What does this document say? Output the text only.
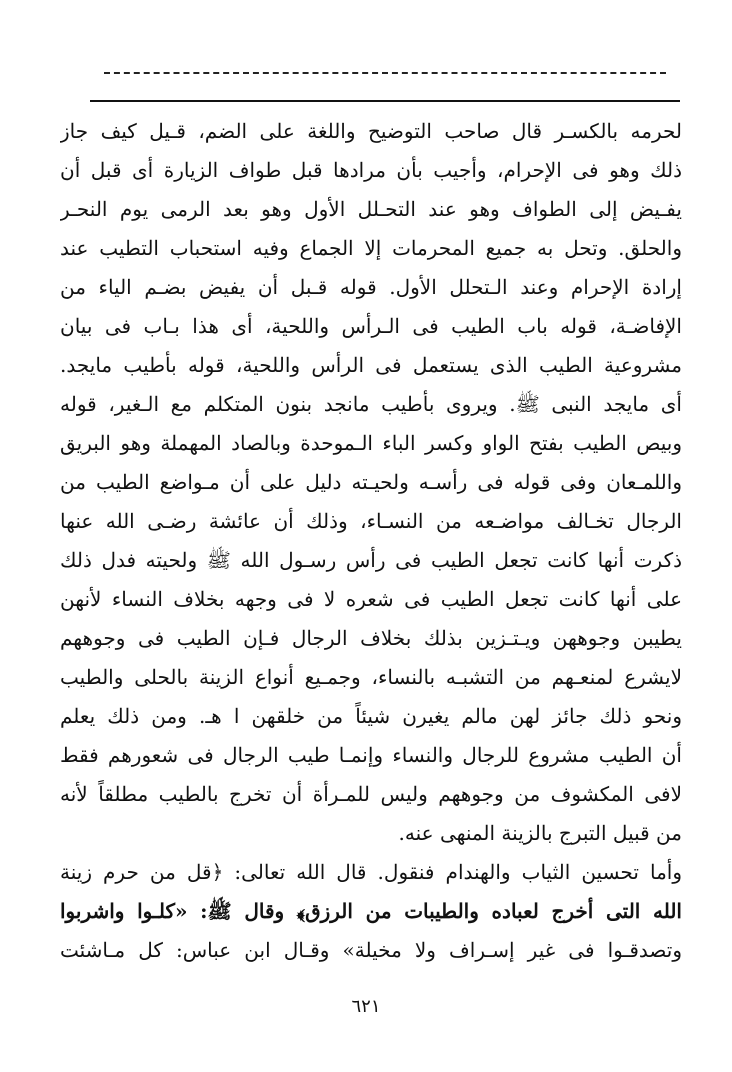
لحرمه بالكسـر قال صاحب التوضيح واللغة على الضم، قـيل كيف جاز
ذلك وهو فى الإحرام، وأجيب بأن مرادها قبل طواف الزيارة أى قبل أن
يفـيض إلى الطواف وهو عند التحـلل الأول وهو بعد الرمى يوم النحـر
والحلق. وتحل به جميع المحرمات إلا الجماع وفيه استحباب التطيب عند
إرادة الإحرام وعند الـتحلل الأول. قوله قـبل أن يفيض بضـم الياء من
الإفاضـة، قوله باب الطيب فى الـرأس واللحية، أى هذا بـاب فى بيان
مشروعية الطيب الذى يستعمل فى الرأس واللحية، قوله بأطيب مايجد.
أى مايجد النبى ﷺ. ويروى بأطيب مانجد بنون المتكلم مع الـغير، قوله
وبيص الطيب بفتح الواو وكسر الباء الـموحدة وبالصاد المهملة وهو البريق
واللمـعان وفى قوله فى رأسـه ولحيـته دليل على أن مـواضع الطيب من
الرجال تخـالف مواضـعه من النسـاء، وذلك أن عائشة رضـى الله عنها
ذكرت أنها كانت تجعل الطيب فى رأس رسـول الله ﷺ ولحيته فدل ذلك
على أنها كانت تجعل الطيب فى شعره لا فى وجهه بخلاف النساء لأنهن
يطيبن وجوههن ويـتـزين بذلك بخلاف الرجال فـإن الطيب فى وجوههم
لايشرع لمنعـهم من التشبـه بالنساء، وجمـيع أنواع الزينة بالحلى والطيب
ونحو ذلك جائز لهن مالم يغيرن شيئاً من خلقهن ا هـ. ومن ذلك يعلم
أن الطيب مشروع للرجال والنساء وإنمـا طيب الرجال فى شعورهم فقط
لافى المكشوف من وجوههم وليس للمـرأة أن تخرج بالطيب مطلقاً لأنه
من قبيل التبرج بالزينة المنهى عنه.
وأما تحسين الثياب والهندام فنقول. قال الله تعالى: ﴿قل من حرم زينة
الله التى أخرج لعباده والطيبات من الرزق﴾ وقال ﷺ: «كلـوا واشربوا
وتصدقـوا فى غير إسـراف ولا مخيلة» وقـال ابن عباس: كل مـاشئت
٦٢١
